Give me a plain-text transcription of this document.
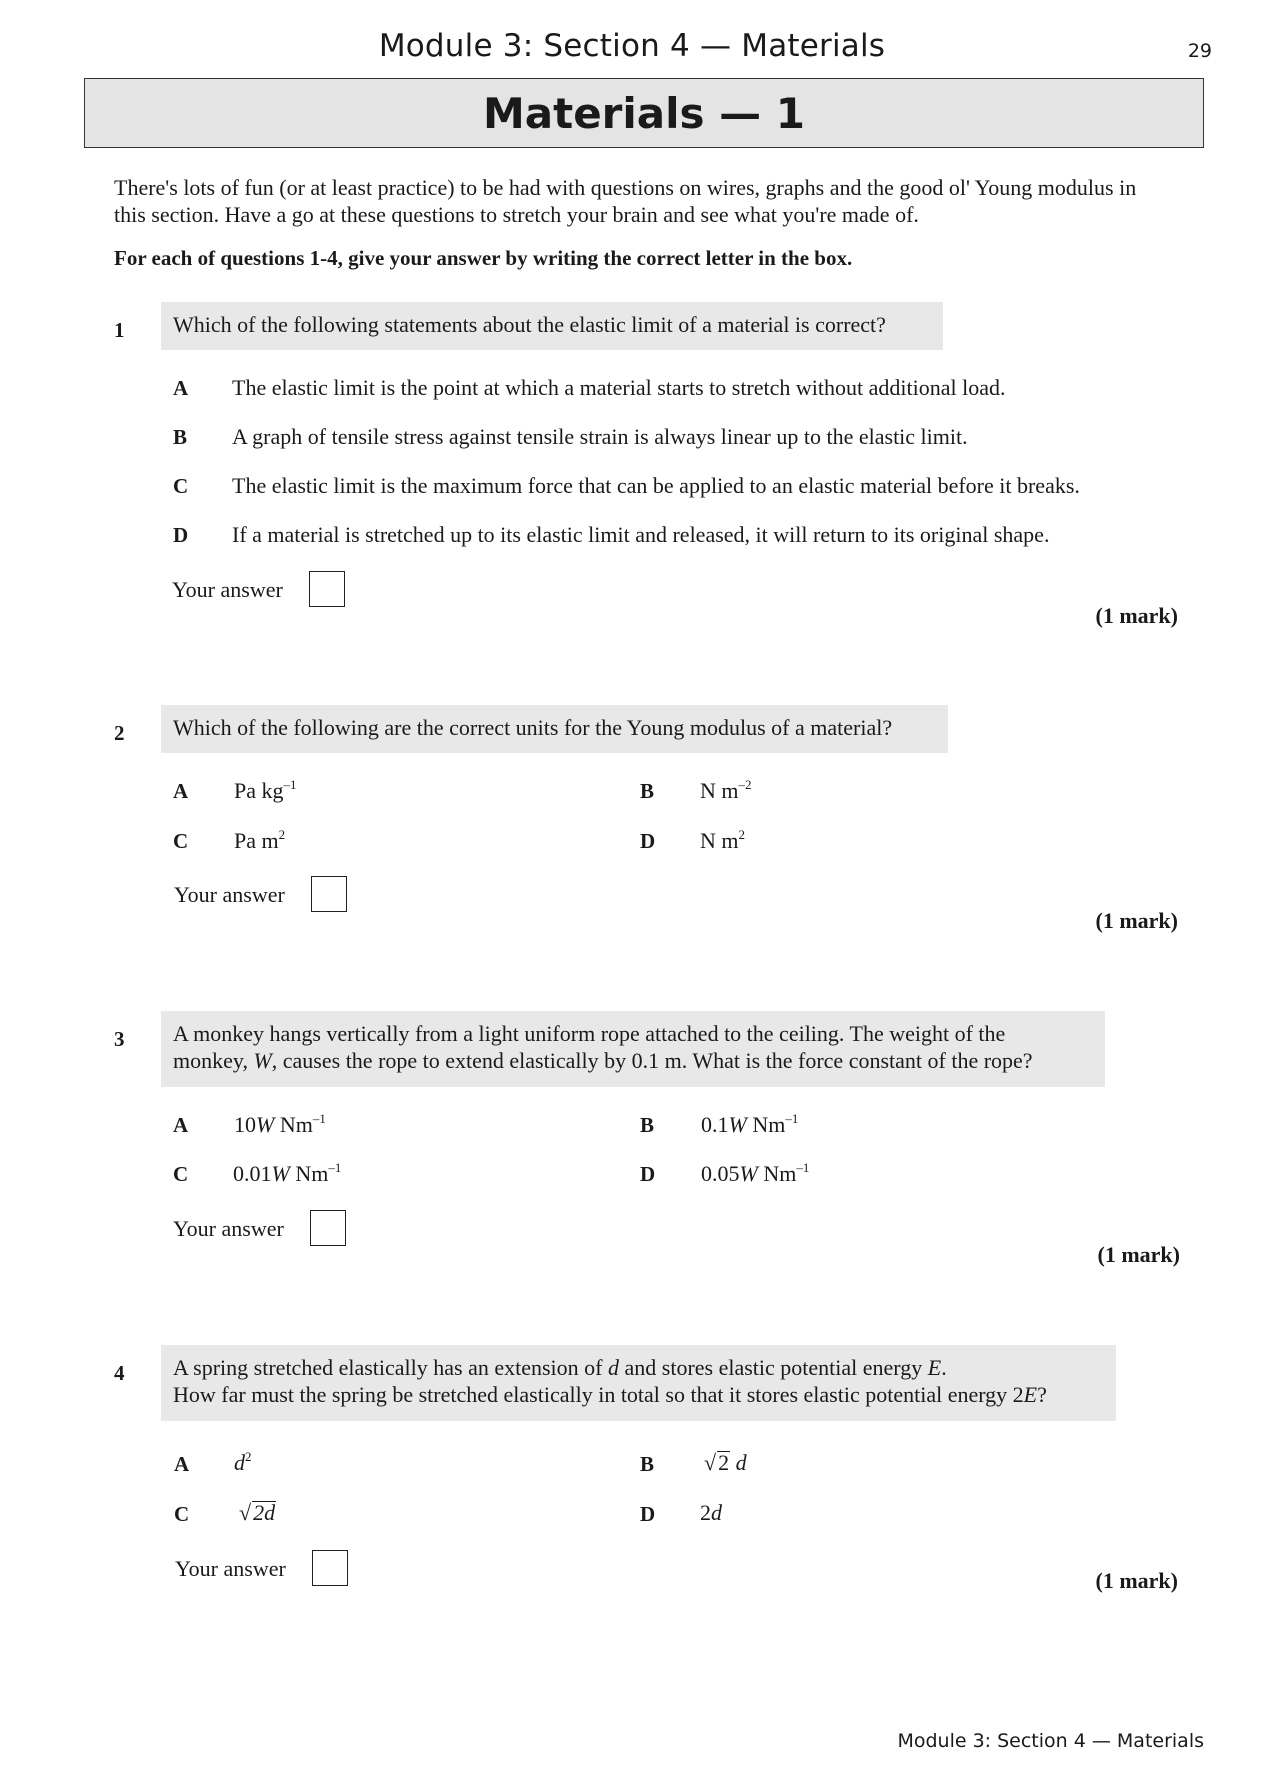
Module 3: Section 4 — Materials	29
Materials — 1
There's lots of fun (or at least practice) to be had with questions on wires, graphs and the good ol' Young modulus in this section. Have a go at these questions to stretch your brain and see what you're made of.
For each of questions 1-4, give your answer by writing the correct letter in the box.
1	Which of the following statements about the elastic limit of a material is correct?
A The elastic limit is the point at which a material starts to stretch without additional load.
B A graph of tensile stress against tensile strain is always linear up to the elastic limit.
C The elastic limit is the maximum force that can be applied to an elastic material before it breaks.
D If a material is stretched up to its elastic limit and released, it will return to its original shape.
Your answer
(1 mark)
2	Which of the following are the correct units for the Young modulus of a material?
A Pa $kg^{-1}$	B N $m^{-2}$
C Pa $m^2$	D N $m^2$
Your answer
(1 mark)
3 A monkey hangs vertically from a light uniform rope attached to the ceiling. The weight of the
monkey, W, causes the rope to extend elastically by 0.1 m. What is the force constant of the rope?
A 10W $Nm^{-1}$	B 0.1W $Nm^{-1}$
C 0.01W $Nm^{-1}$	D 0.05W $Nm^{-1}$
Your answer
(1 mark)
4 A spring stretched elastically has an extension of d and stores elastic potential energy E.
How far must the spring be stretched elastically in total so that it stores elastic potential energy 2E?
A $d^2$	B √2 d
C √2d	D 2d
Your answer	(1 mark)
Module 3: Section 4 — Materials
